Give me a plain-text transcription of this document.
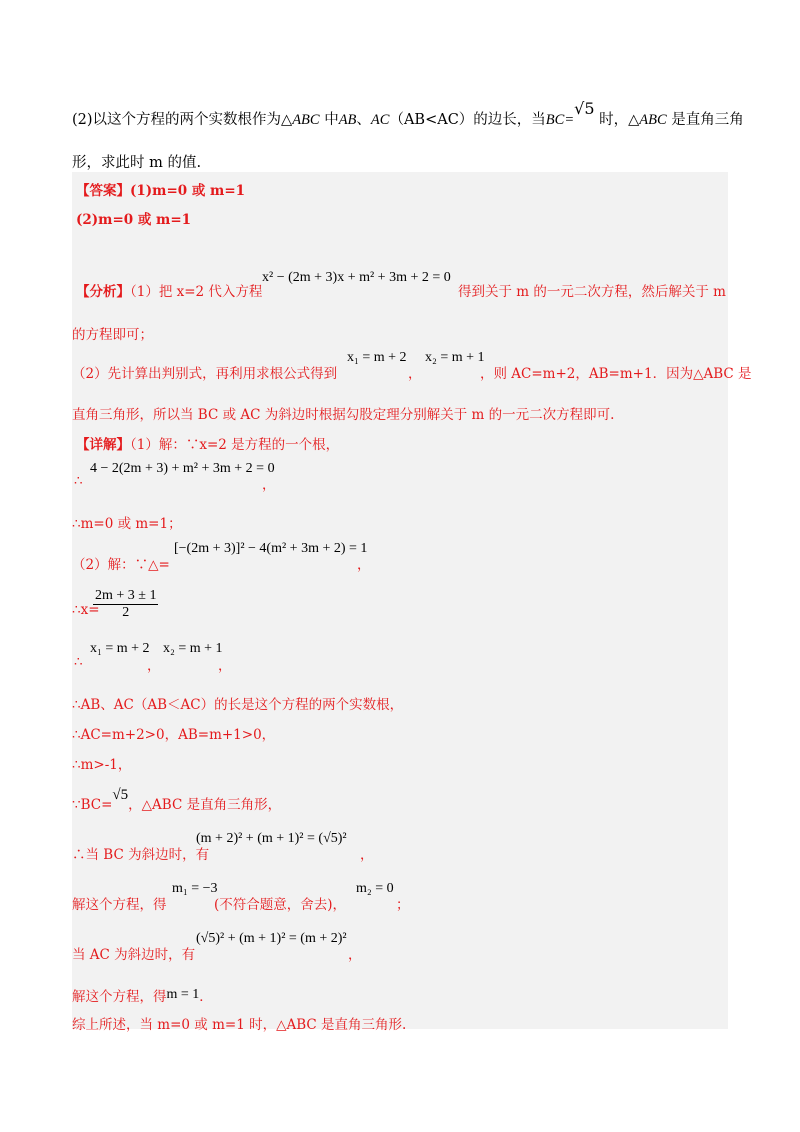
(2)以这个方程的两个实数根作为△ABC 中AB、AC（AB<AC）的边长，当BC=√5 时，△ABC 是直角三角
形，求此时 m 的值.
【答案】(1)m=0 或 m=1
(2)m=0 或 m=1
【分析】（1）把 x=2 代入方程
x² − (2m + 3)x + m² + 3m + 2 = 0
得到关于 m 的一元二次方程，然后解关于 m
的方程即可；
（2）先计算出判别式，再利用求根公式得到
x₁ = m + 2
，
x₂ = m + 1
，则 AC=m+2，AB=m+1．因为△ABC 是
直角三角形，所以当 BC 或 AC 为斜边时根据勾股定理分别解关于 m 的一元二次方程即可.
【详解】（1）解：∵x=2 是方程的一个根，
∴
4 − 2(2m + 3) + m² + 3m + 2 = 0
，
∴m=0 或 m=1；
（2）解：∵△=
[−(2m + 3)]² − 4(m² + 3m + 2) = 1
，
∴x=
$\frac{2m + 3 \pm 1}{2}$
∴
x₁ = m + 2
，
x₂ = m + 1
，
∴AB、AC（AB＜AC）的长是这个方程的两个实数根，
∴AC=m+2>0，AB=m+1>0，
∴m>-1，
∵BC=√5，△ABC 是直角三角形，
∴当 BC 为斜边时，有
(m + 2)² + (m + 1)² = (√5)²
，
解这个方程，得
m₁ = −3
(不符合题意，舍去)，
m₂ = 0
；
当 AC 为斜边时，有
(√5)² + (m + 1)² = (m + 2)²
，
解这个方程，得m = 1．
综上所述，当 m=0 或 m=1 时，△ABC 是直角三角形.
